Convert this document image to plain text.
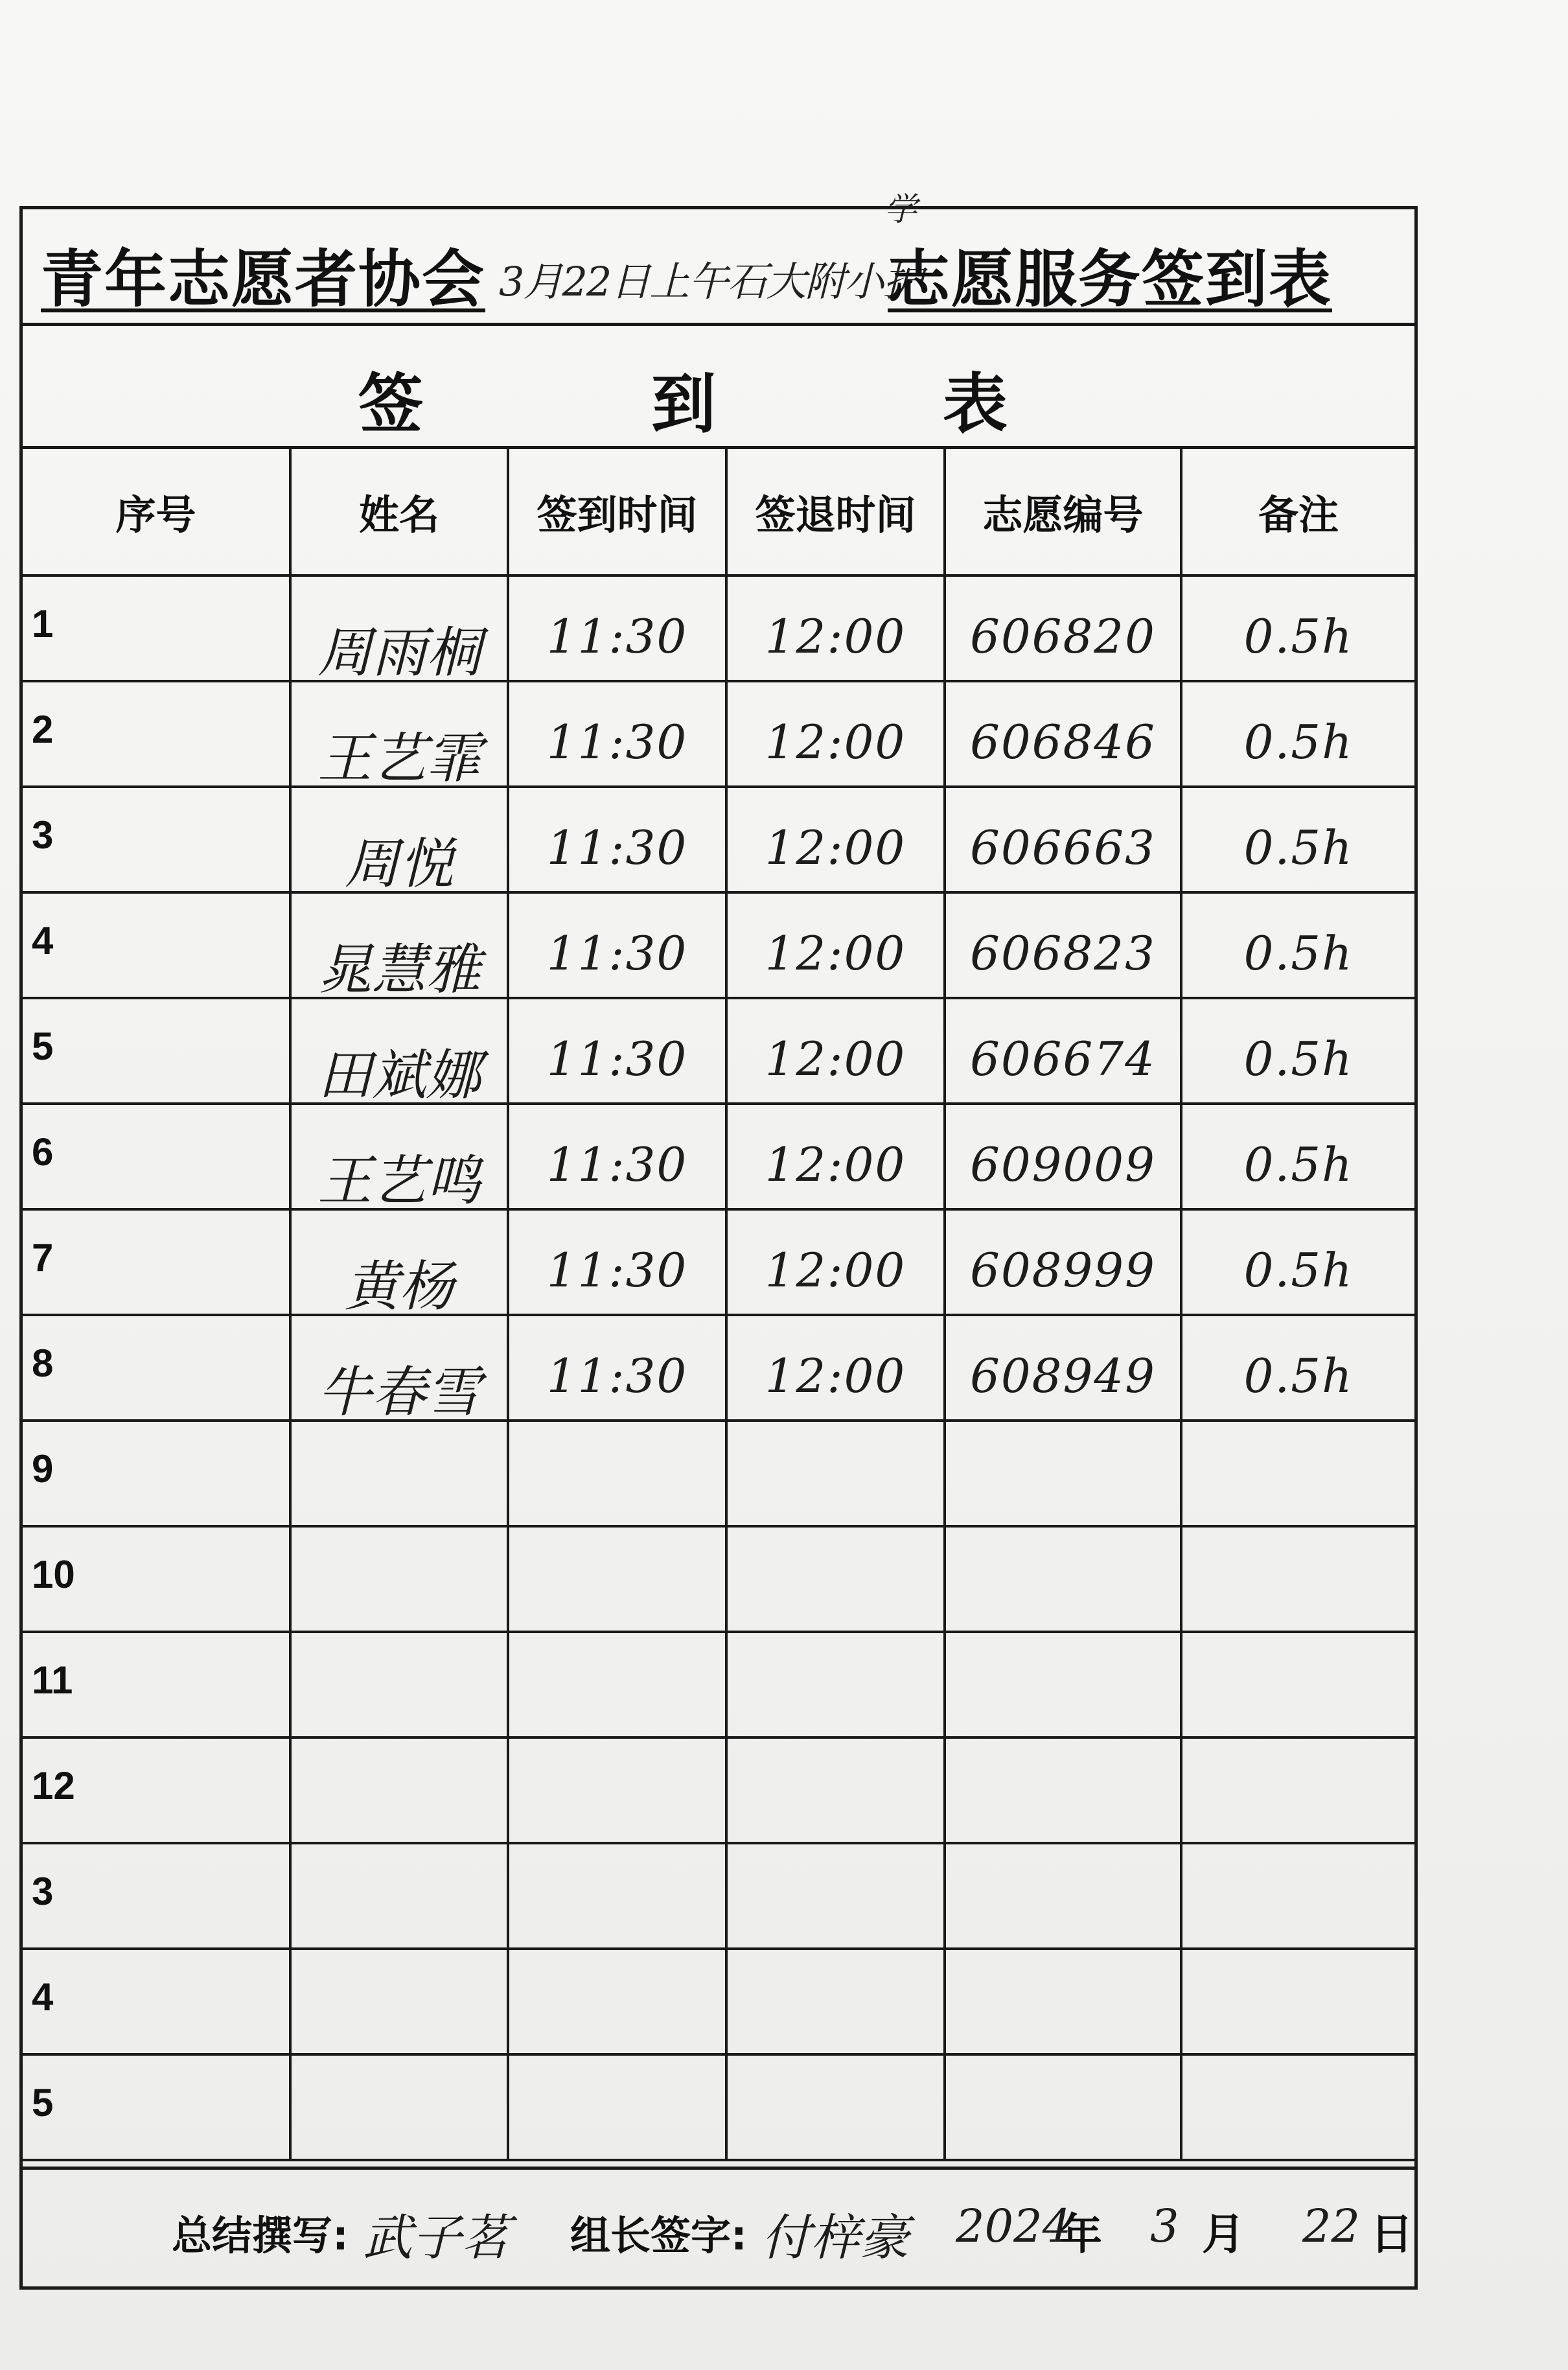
青年志愿者协会 3月22日上午石大附小护
学
志愿服务签到表
签	到	表
序号	姓名	签到时间	签退时间	志愿编号	备注

1	周雨桐	11:30	12:00	606820	0.5h

2	王艺霏	11:30	12:00	606846	0.5h

3	周悦	11:30	12:00	606663	0.5h

4	晁慧雅	11:30	12:00	606823	0.5h

5	田斌娜	11:30	12:00	606674	0.5h

6	王艺鸣	11:30	12:00	609009	0.5h

7	黄杨	11:30	12:00	608999	0.5h

8	牛春雪	11:30	12:00	608949	0.5h

9					

10					

11					

12					

3					

4					

5					

总结撰写: 武子茗 组长签字: 付梓豪 2024
年 3 月 22 日
